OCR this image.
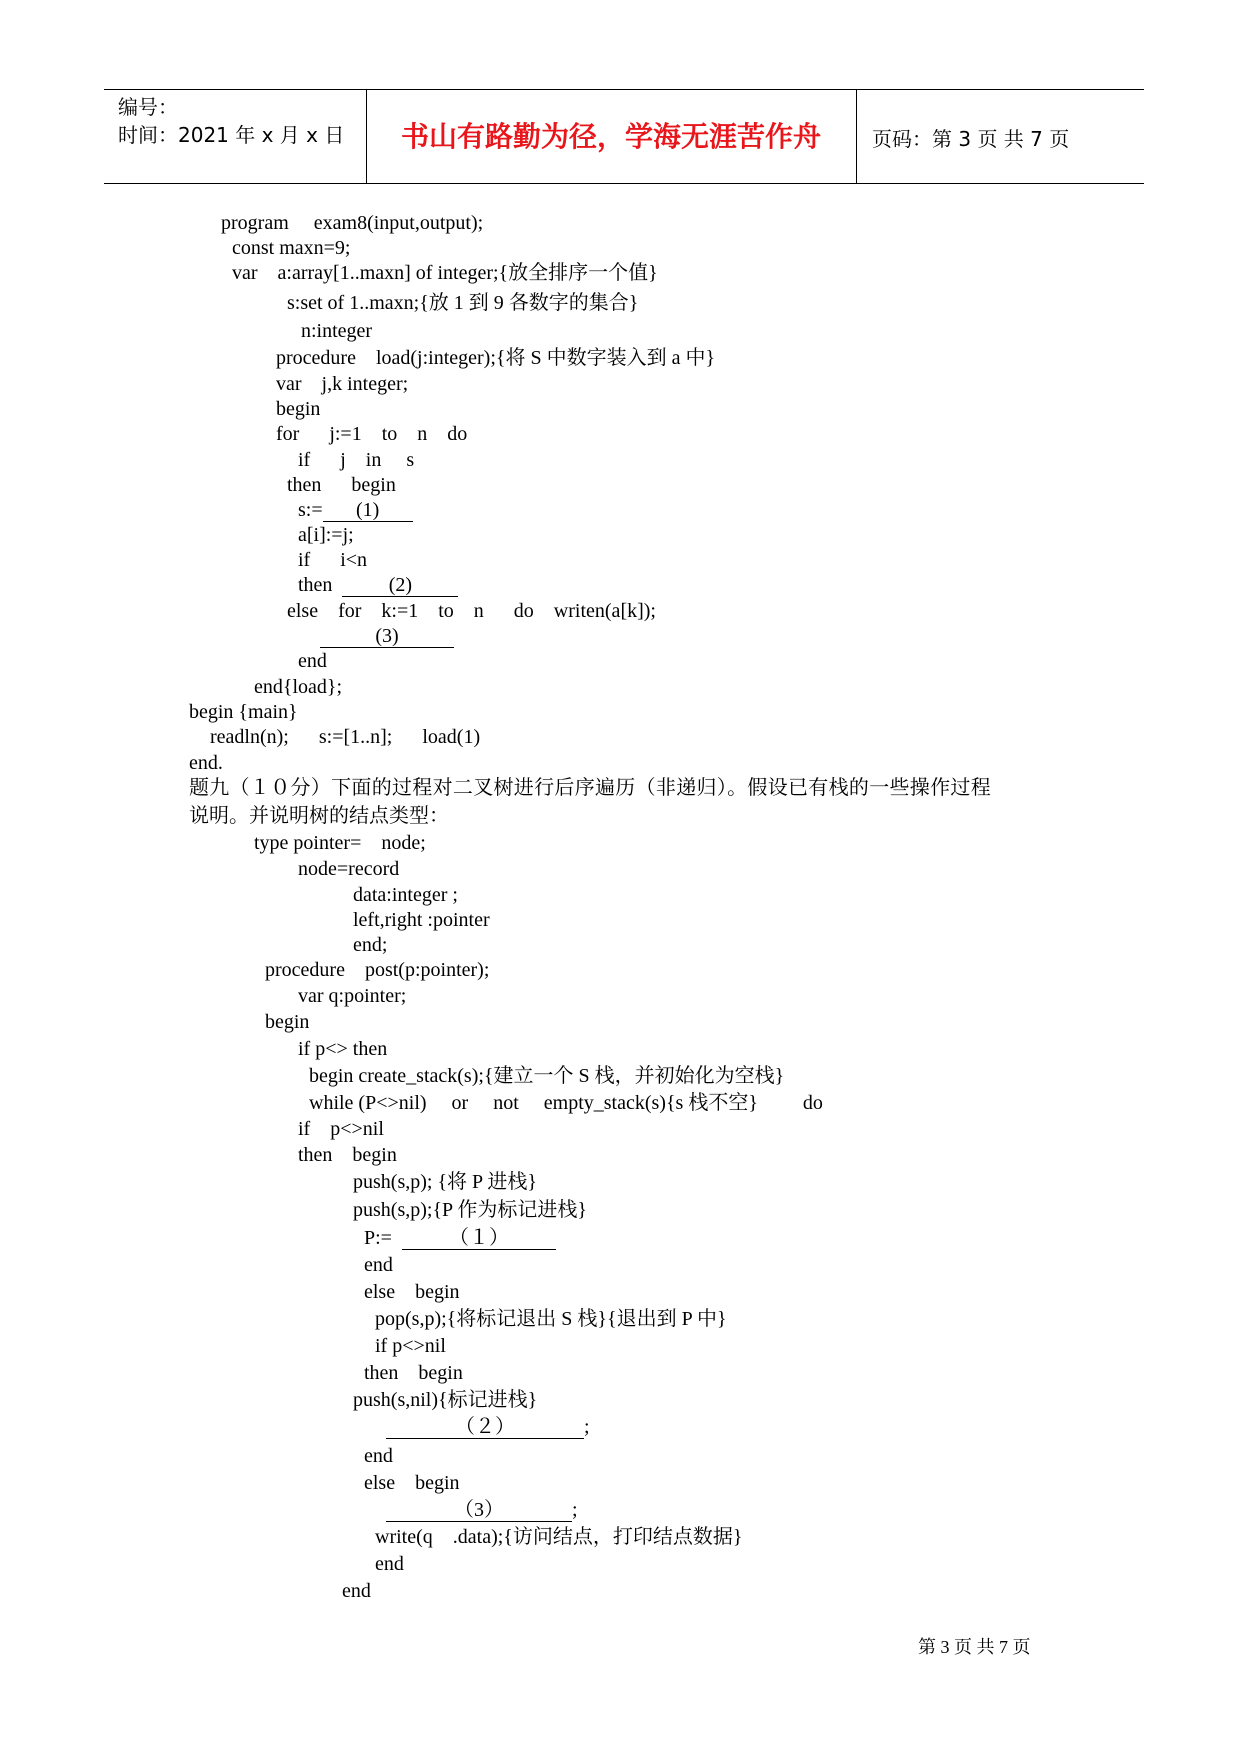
编号：
时间：2021 年 x 月 x 日	书山有路勤为径，学海无涯苦作舟	页码：第 3 页 共 7 页
program     exam8(input,output);
const maxn=9;
var    a:array[1..maxn] of integer;{放全排序一个值}
s:set of 1..maxn;{放 1 到 9 各数字的集合}
n:integer
procedure    load(j:integer);{将 S 中数字装入到 a 中}
var    j,k integer;
begin
for      j:=1    to    n    do
if      j    in     s
then      begin
s:= (1)
a[i]:=j;
if      i<n
then  (2)
else    for    k:=1    to    n      do    writen(a[k]);
(3)
end
end{load};
begin {main}
readln(n);      s:=[1..n];      load(1)
end.
题九（１０分）下面的过程对二叉树进行后序遍历（非递归）。假设已有栈的一些操作过程
说明。并说明树的结点类型：
type pointer=    node;
node=record
data:integer ;
left,right :pointer
end;
procedure    post(p:pointer);
var q:pointer;
begin
if p<> then
begin create_stack(s);{建立一个 S 栈，并初始化为空栈}
while (P<>nil)     or     not     empty_stack(s){s 栈不空}         do
if    p<>nil
then    begin
push(s,p); {将 P 进栈}
push(s,p);{P 作为标记进栈}
P:=  （１）
end
else    begin
pop(s,p);{将标记退出 S 栈}{退出到 P 中}
if p<>nil
then    begin
push(s,nil){标记进栈}
（２）	;
end
else    begin
（3）	;
write(q    .data);{访问结点，打印结点数据}
end
end
第 3 页 共 7 页
